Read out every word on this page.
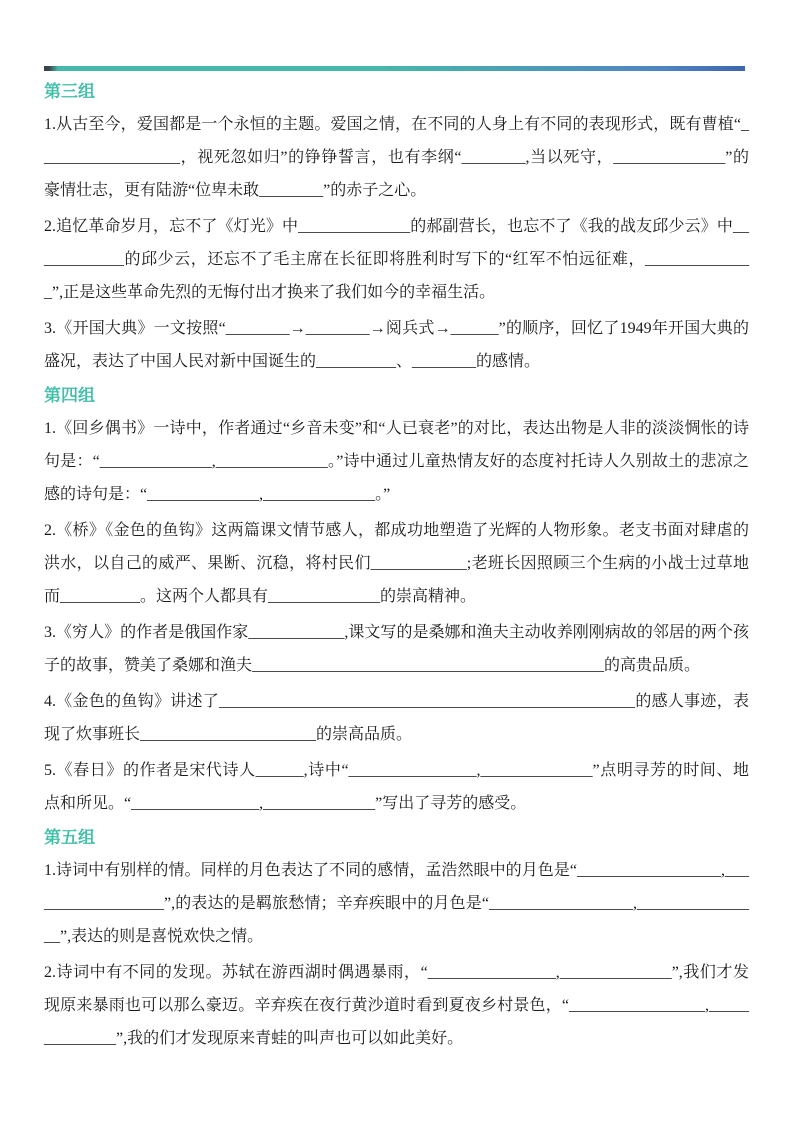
第三组

1.从古至今，爱国都是一个永恒的主题。爱国之情，在不同的人身上有不同的表现形式，既有曹植“__________________，视死忽如归”的铮铮誓言，也有李纲“________,当以死守，______________”的豪情壮志，更有陆游“位卑未敢________”的赤子之心。

2.追忆革命岁月，忘不了《灯光》中______________的郝副营长，也忘不了《我的战友邱少云》中____________的邱少云，还忘不了毛主席在长征即将胜利时写下的“红军不怕远征难，______________”,正是这些革命先烈的无悔付出才换来了我们如今的幸福生活。

3.《开国大典》一文按照“________→________→阅兵式→______”的顺序，回忆了1949年开国大典的盛况，表达了中国人民对新中国诞生的__________、________的感情。

第四组

1.《回乡偶书》一诗中，作者通过“乡音未变”和“人已衰老”的对比，表达出物是人非的淡淡惆怅的诗句是：“______________,______________。”诗中通过儿童热情友好的态度衬托诗人久别故土的悲凉之感的诗句是：“______________,______________。”

2.《桥》《金色的鱼钩》这两篇课文情节感人，都成功地塑造了光辉的人物形象。老支书面对肆虐的洪水，以自己的威严、果断、沉稳，将村民们____________;老班长因照顾三个生病的小战士过草地而__________。这两个人都具有______________的崇高精神。

3.《穷人》的作者是俄国作家____________,课文写的是桑娜和渔夫主动收养刚刚病故的邻居的两个孩子的故事，赞美了桑娜和渔夫____________________________________________的高贵品质。

4.《金色的鱼钩》讲述了____________________________________________________的感人事迹，表现了炊事班长______________________的崇高品质。

5.《春日》的作者是宋代诗人______,诗中“________________,______________”点明寻芳的时间、地点和所见。“________________,______________”写出了寻芳的感受。

第五组

1.诗词中有别样的情。同样的月色表达了不同的感情，孟浩然眼中的月色是“__________________,__________________”,的表达的是羁旅愁情；辛弃疾眼中的月色是“__________________,________________”,表达的则是喜悦欢快之情。

2.诗词中有不同的发现。苏轼在游西湖时偶遇暴雨，“________________,______________”,我们才发现原来暴雨也可以那么豪迈。辛弃疾在夜行黄沙道时看到夏夜乡村景色，“_________________,______________”,我的们才发现原来青蛙的叫声也可以如此美好。
